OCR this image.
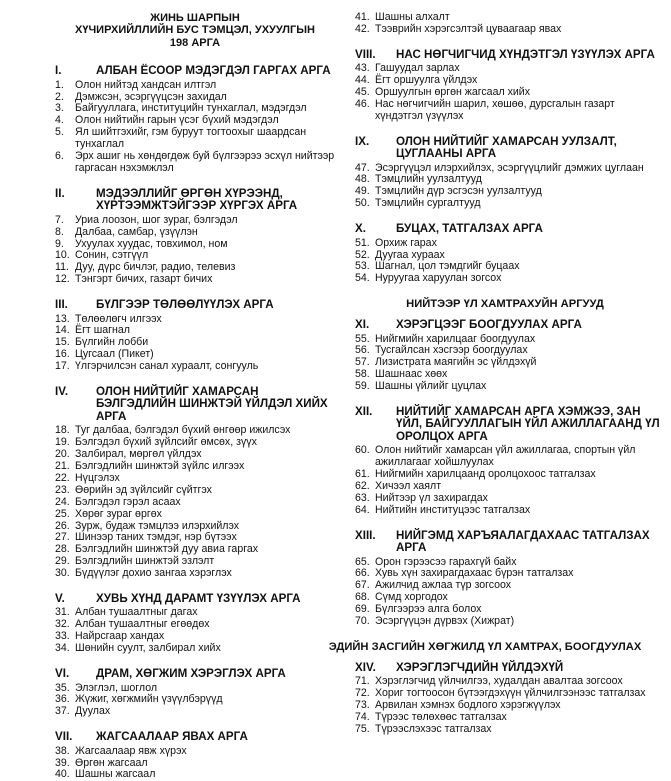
ЖИНЬ ШАРПЫН
ХҮЧИРХИЙЛЛИЙН БУС ТЭМЦЭЛ, УХУУЛГЫН
198 АРГА
I.	АЛБАН ЁСООР МЭДЭГДЭЛ ГАРГАХ АРГА
1.	Олон нийтэд хандсан илтгэл
2.	Дэмжсэн, эсэргүүцсэн захидал
3.	Байгууллага, институцийн тунхаглал, мэдэгдэл
4.	Олон нийтийн гарын үсэг бүхий мэдэгдэл
5.	Ял шийтгэхийг, гэм буруут тогтоохыг шаардсан тунхаглал
6.	Эрх ашиг нь хөндөгдөж буй бүлгээрээ эсхүл нийтээр гаргасан нэхэмжлэл
II.	МЭДЭЭЛЛИЙГ ӨРГӨН ХҮРЭЭНД, ХҮРТЭЭМЖТЭЙГЭЭР ХҮРГЭХ АРГА
7.	Уриа лоозон, шог зураг, бэлгэдэл
8.	Далбаа, самбар, үзүүлэн
9.	Ухуулах хуудас, товхимол, ном
10. Сонин, сэтгүүл
11. Дуу, дүрс бичлэг, радио, телевиз
12. Тэнгэрт бичих, газарт бичих
III.	БҮЛГЭЭР ТӨЛӨӨЛҮҮЛЭХ АРГА
13. Төлөөлөгч илгээх
14. Ёгт шагнал
15. Бүлгийн лобби
16. Цугсаал (Пикет)
17. Үлгэрчилсэн санал хураалт, сонгууль
IV.	ОЛОН НИЙТИЙГ ХАМАРСАН БЭЛГЭДЛИЙН ШИНЖТЭЙ ҮЙЛДЭЛ ХИЙХ АРГА
18. Туг далбаа, бэлгэдэл бүхий өнгөөр ижилсэх
19. Бэлгэдэл бүхий зүйлсийг өмсөх, зүүх
20. Залбирал, мөргөл үйлдэх
21. Бэлгэдлийн шинжтэй зүйлс илгээх
22. Нүцгэлэх
23. Өөрийн эд зүйлсийг сүйтгэх
24. Бэлгэдэл гэрэл асаах
25. Хөрөг зураг өргөх
26. Зурж, будаж тэмцлээ илэрхийлэх
27. Шинээр таних тэмдэг, нэр бүтээх
28. Бэлгэдлийн шинжтэй дуу авиа гаргах
29. Бэлгэдлийн шинжтэй эзлэлт
30. Бүдүүлэг дохио зангаа хэрэглэх
V.	ХУВЬ ХҮНД ДАРАМТ ҮЗҮҮЛЭХ АРГА
31. Албан тушаалтныг дагах
32. Албан тушаалтныг егөөдөх
33. Найрсгаар хандах
34. Шөнийн суулт, залбирал хийх
VI.	ДРАМ, ХӨГЖИМ ХЭРЭГЛЭХ АРГА
35. Элэглэл, шоглол
36. Жүжиг, хөгжмийн үзүүлбэрүүд
37. Дуулах
VII.	ЖАГСААЛААР ЯВАХ АРГА
38. Жагсаалаар явж хүрэх
39. Өргөн жагсаал
40. Шашны жагсаал
41. Шашны алхалт
42. Тээврийн хэрэгсэлтэй цуваагаар явах
VIII.	НАС НӨГЧИГЧИД ХҮНДЭТГЭЛ ҮЗҮҮЛЭХ АРГА
43. Гашуудал зарлах
44. Ёгт оршуулга үйлдэх
45. Оршуулгын өргөн жагсаал хийх
46. Нас нөгчигчийн шарил, хөшөө, дурсгалын газарт хүндэтгэл үзүүлэх
IX.	ОЛОН НИЙТИЙГ ХАМАРСАН УУЛЗАЛТ, ЦУГЛААНЫ АРГА
47. Эсэргүүцэл илэрхийлэх, эсэргүүцлийг дэмжих цуглаан
48. Тэмцлийн уулзалтууд
49. Тэмцлийн дүр эсгэсэн уулзалтууд
50. Тэмцлийн сургалтууд
X.	БУЦАХ, ТАТГАЛЗАХ АРГА
51. Орхиж гарах
52. Дуугаа хураах
53. Шагнал, цол тэмдгийг буцаах
54. Нуруугаа харуулан зогсох
НИЙТЭЭР ҮЛ ХАМТРАХУЙН АРГУУД
XI.	ХЭРЭГЦЭЭГ БООГДУУЛАХ АРГА
55. Нийгмийн харилцааг боогдуулах
56. Тусгайлсан хэсгээр боогдуулах
57. Лизистрата маягийн эс үйлдэхүй
58. Шашнаас хөөх
59. Шашны үйлийг цуцлах
XII.	НИЙТИЙГ ХАМАРСАН АРГА ХЭМЖЭЭ, ЗАН ҮЙЛ, БАЙГУУЛЛАГЫН ҮЙЛ АЖИЛЛАГААНД ҮЛ ОРОЛЦОХ АРГА
60. Олон нийтийг хамарсан үйл ажиллагаа, спортын үйл ажиллагааг хойшлуулах
61. Нийгмийн харилцаанд оролцохоос татгалзах
62. Хичээл хаялт
63. Нийтээр үл захирагдах
64. Нийтийн институцээс татгалзах
XIII.	НИЙГЭМД ХАРЪЯАЛАГДАХААС ТАТГАЛЗАХ АРГА
65. Орон гэрээсээ гарахгүй байх
66. Хувь хүн захирагдахаас бүрэн татгалзах
67. Ажилчид ажлаа түр зогсоох
68. Сүмд хоргодох
69. Бүлгээрээ алга болох
70. Эсэргүүцэн дүрвэх (Хижрат)
ЭДИЙН ЗАСГИЙН ХӨГЖИЛД ҮЛ ХАМТРАХ, БООГДУУЛАХ
XIV.	ХЭРЭГЛЭГЧДИЙН ҮЙЛДЭХҮЙ
71. Хэрэглэгчид үйлчилгээ, худалдан авалтаа зогсоох
72. Хориг тогтоосон бүтээгдэхүүн үйлчилгээнээс татгалзах
73. Арвилан хэмнэх бодлого хэрэгжүүлэх
74. Түрээс төлөхөөс татгалзах
75. Түрээслэхээс татгалзах
